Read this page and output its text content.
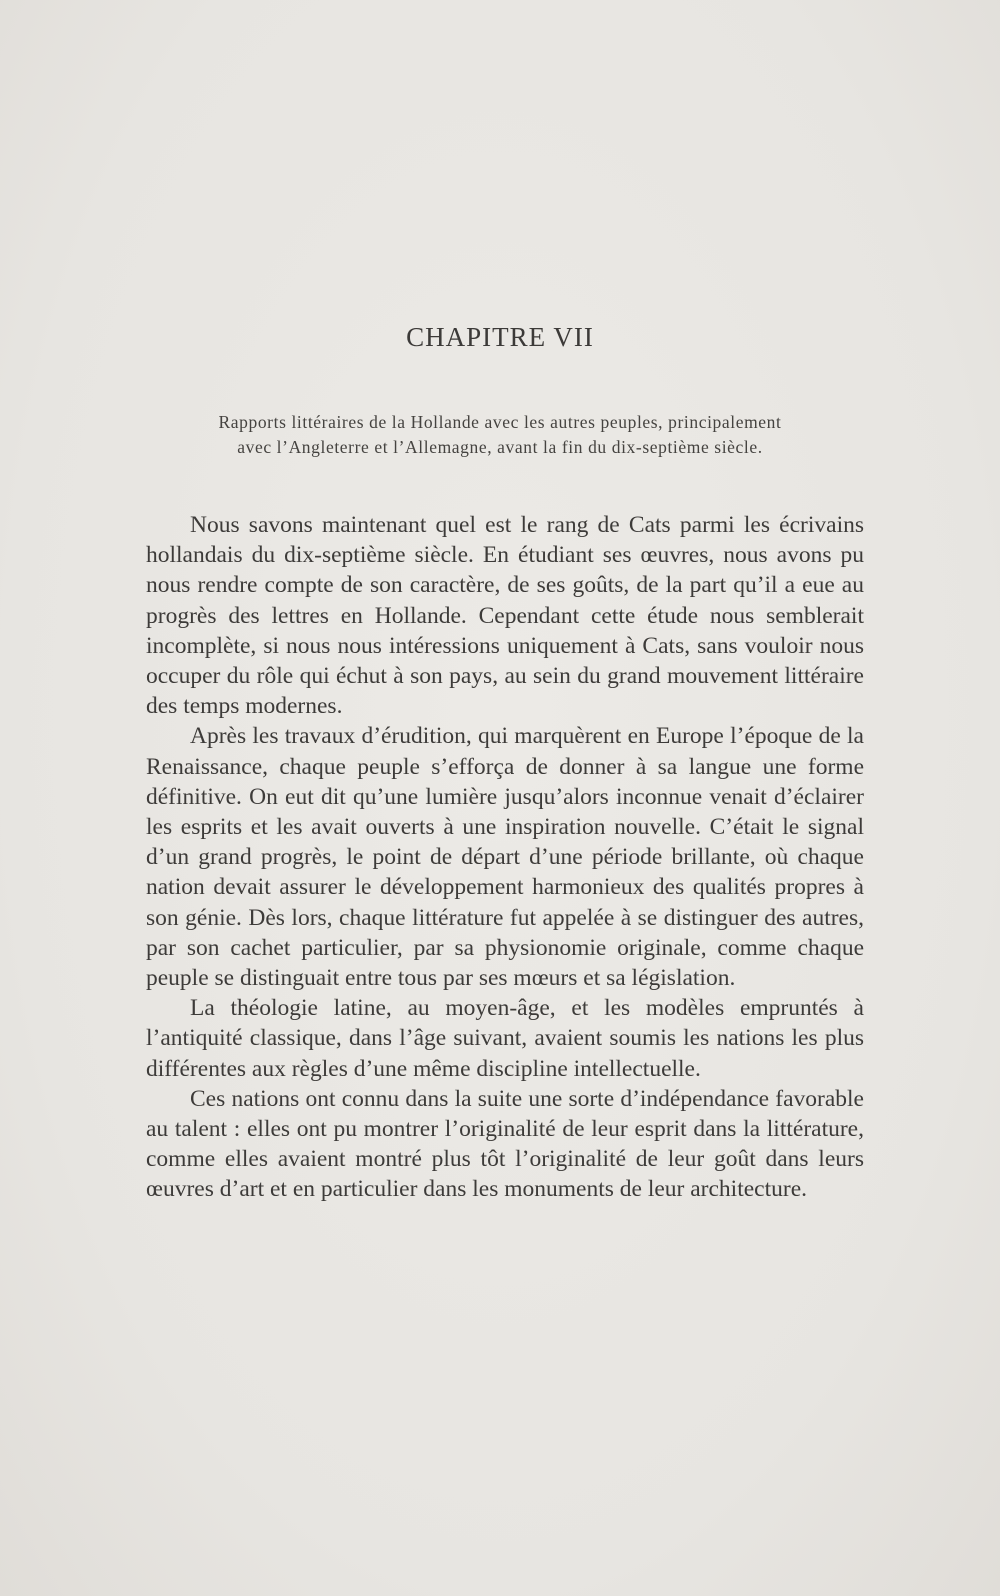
CHAPITRE VII
Rapports littéraires de la Hollande avec les autres peuples, principalement
avec l’Angleterre et l’Allemagne, avant la fin du dix-septième siècle.

Nous savons maintenant quel est le rang de Cats parmi les écrivains hollandais du dix-septième siècle. En étudiant ses œuvres, nous avons pu nous rendre compte de son caractère, de ses goûts, de la part qu’il a eue au progrès des lettres en Hollande. Cependant cette étude nous semblerait incomplète, si nous nous intéressions uniquement à Cats, sans vouloir nous occuper du rôle qui échut à son pays, au sein du grand mouvement littéraire des temps modernes.

Après les travaux d’érudition, qui marquèrent en Europe l’époque de la Renaissance, chaque peuple s’efforça de donner à sa langue une forme définitive. On eut dit qu’une lumière jusqu’alors inconnue venait d’éclairer les esprits et les avait ouverts à une inspiration nouvelle. C’était le signal d’un grand progrès, le point de départ d’une période brillante, où chaque nation devait assurer le développement harmonieux des qualités propres à son génie. Dès lors, chaque littérature fut appelée à se distinguer des autres, par son cachet particulier, par sa physionomie originale, comme chaque peuple se distinguait entre tous par ses mœurs et sa législation.

La théologie latine, au moyen-âge, et les modèles empruntés à l’antiquité classique, dans l’âge suivant, avaient soumis les nations les plus différentes aux règles d’une même discipline intellectuelle.

Ces nations ont connu dans la suite une sorte d’indépendance favorable au talent : elles ont pu montrer l’originalité de leur esprit dans la littérature, comme elles avaient montré plus tôt l’originalité de leur goût dans leurs œuvres d’art et en particulier dans les monuments de leur architecture.
